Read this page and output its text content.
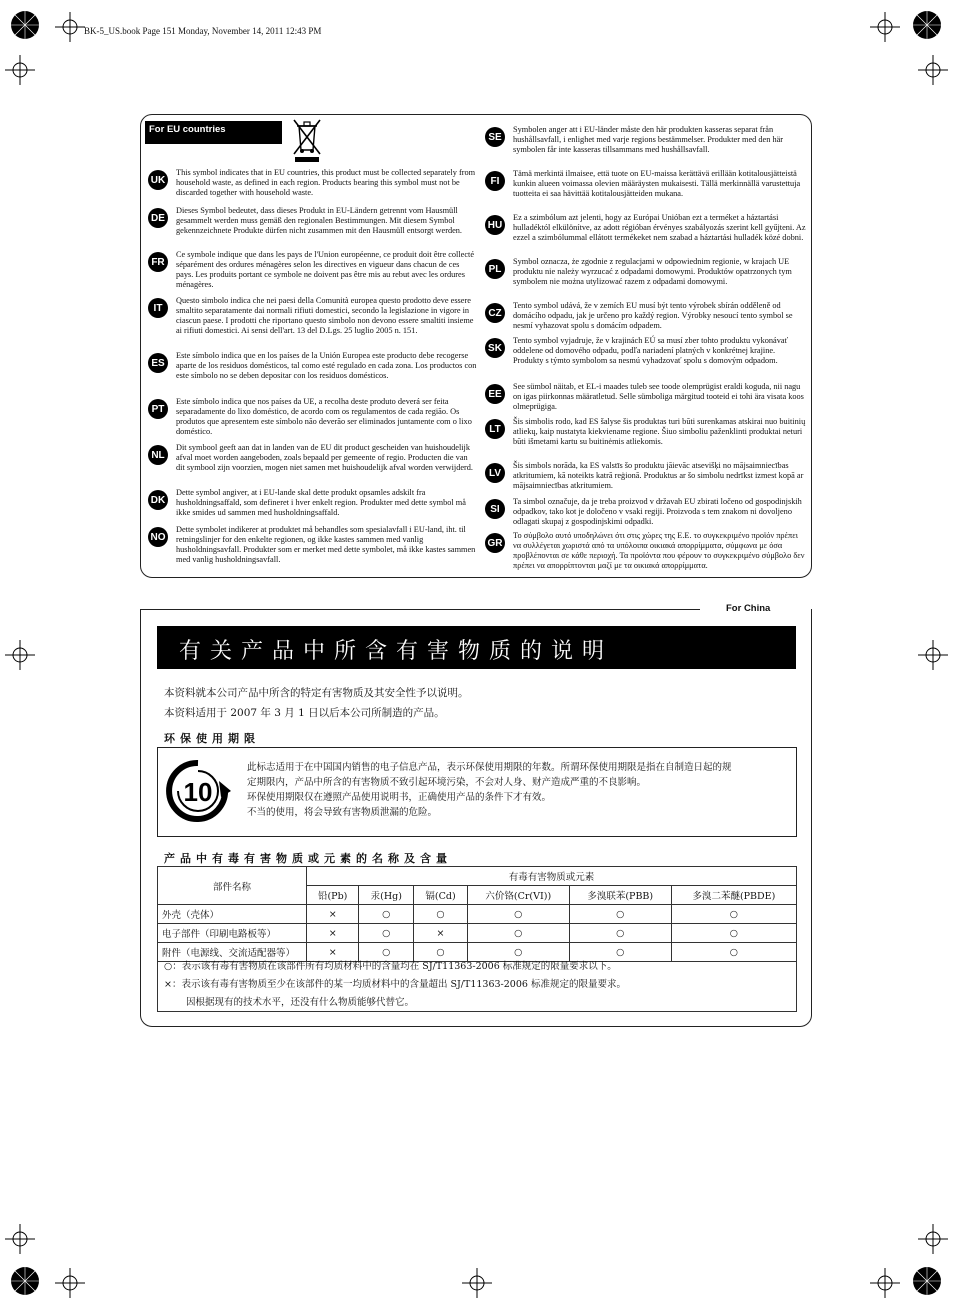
BK-5_US.book Page 151 Monday, November 14, 2011 12:43 PM
For EU countries
UK
This symbol indicates that in EU countries, this product must be collected separately from household waste, as defined in each region. Products bearing this symbol must not be discarded together with household waste.
DE
Dieses Symbol bedeutet, dass dieses Produkt in EU-Ländern getrennt vom Hausmüll gesammelt werden muss gemäß den regionalen Bestimmungen. Mit diesem Symbol gekennzeichnete Produkte dürfen nicht zusammen mit den Hausmüll entsorgt werden.
FR
Ce symbole indique que dans les pays de l'Union européenne, ce produit doit être collecté séparément des ordures ménagères selon les directives en vigueur dans chacun de ces pays. Les produits portant ce symbole ne doivent pas être mis au rebut avec les ordures ménagères.
IT
Questo simbolo indica che nei paesi della Comunità europea questo prodotto deve essere smaltito separatamente dai normali rifiuti domestici, secondo la legislazione in vigore in ciascun paese. I prodotti che riportano questo simbolo non devono essere smaltiti insieme ai rifiuti domestici. Ai sensi dell'art. 13 del D.Lgs. 25 luglio 2005 n. 151.
ES
Este símbolo indica que en los países de la Unión Europea este producto debe recogerse aparte de los residuos domésticos, tal como esté regulado en cada zona. Los productos con este símbolo no se deben depositar con los residuos domésticos.
PT
Este símbolo indica que nos países da UE, a recolha deste produto deverá ser feita separadamente do lixo doméstico, de acordo com os regulamentos de cada região. Os produtos que apresentem este símbolo não deverão ser eliminados juntamente com o lixo doméstico.
NL
Dit symbool geeft aan dat in landen van de EU dit product gescheiden van huishoudelijk afval moet worden aangeboden, zoals bepaald per gemeente of regio. Producten die van dit symbool zijn voorzien, mogen niet samen met huishoudelijk afval worden verwijderd.
DK
Dette symbol angiver, at i EU-lande skal dette produkt opsamles adskilt fra husholdningsaffald, som defineret i hver enkelt region. Produkter med dette symbol må ikke smides ud sammen med husholdningsaffald.
NO
Dette symbolet indikerer at produktet må behandles som spesialavfall i EU-land, iht. til retningslinjer for den enkelte regionen, og ikke kastes sammen med vanlig husholdningsavfall. Produkter som er merket med dette symbolet, må ikke kastes sammen med vanlig husholdningsavfall.
SE
Symbolen anger att i EU-länder måste den här produkten kasseras separat från hushållsavfall, i enlighet med varje regions bestämmelser. Produkter med den här symbolen får inte kasseras tillsammans med hushållsavfall.
FI
Tämä merkintä ilmaisee, että tuote on EU-maissa kerättävä erillään kotitalousjätteistä kunkin alueen voimassa olevien määräysten mukaisesti. Tällä merkinnällä varustettuja tuotteita ei saa hävittää kotitalousjätteiden mukana.
HU
Ez a szimbólum azt jelenti, hogy az Európai Unióban ezt a terméket a háztartási hulladéktól elkülönítve, az adott régióban érvényes szabályozás szerint kell gyűjteni. Az ezzel a szimbólummal ellátott termékeket nem szabad a háztartási hulladék közé dobni.
PL
Symbol oznacza, że zgodnie z regulacjami w odpowiednim regionie, w krajach UE produktu nie należy wyrzucać z odpadami domowymi. Produktów opatrzonych tym symbolem nie można utylizować razem z odpadami domowymi.
CZ
Tento symbol udává, že v zemích EU musí být tento výrobek sbírán odděleně od domácího odpadu, jak je určeno pro každý region. Výrobky nesoucí tento symbol se nesmí vyhazovat spolu s domácím odpadem.
SK
Tento symbol vyjadruje, že v krajinách EÚ sa musí zber tohto produktu vykonávať oddelene od domového odpadu, podľa nariadení platných v konkrétnej krajine. Produkty s týmto symbolom sa nesmú vyhadzovať spolu s domovým odpadom.
EE
See sümbol näitab, et EL-i maades tuleb see toode olemprügist eraldi koguda, nii nagu on igas piirkonnas määratletud. Selle sümboliga märgitud tooteid ei tohi ära visata koos olmeprügiga.
LT
Šis simbolis rodo, kad ES šalyse šis produktas turi būti surenkamas atskirai nuo buitinių atliekų, kaip nustatyta kiekviename regione. Šiuo simboliu paženklinti produktai neturi būti išmetami kartu su buitinėmis atliekomis.
LV
Šis simbols norāda, ka ES valstīs šo produktu jāievāc atsevišķi no mājsaimniecības atkritumiem, kā noteikts katrā reģionā. Produktus ar šo simbolu nedrīkst izmest kopā ar mājsaimniecības atkritumiem.
SI
Ta simbol označuje, da je treba proizvod v državah EU zbirati ločeno od gospodinjskih odpadkov, tako kot je določeno v vsaki regiji. Proizvoda s tem znakom ni dovoljeno odlagati skupaj z gospodinjskimi odpadki.
GR
Το σύμβολο αυτό υποδηλώνει ότι στις χώρες της Ε.Ε. το συγκεκριμένο προϊόν πρέπει να συλλέγεται χωριστά από τα υπόλοιπα οικιακά απορρίμματα, σύμφωνα με όσα προβλέπονται σε κάθε περιοχή. Τα προϊόντα που φέρουν το συγκεκριμένο σύμβολο δεν πρέπει να απορρίπτονται μαζί με τα οικιακά απορρίμματα.
For China
有关产品中所含有害物质的说明
本资料就本公司产品中所含的特定有害物质及其安全性予以说明。
本资料适用于 2007 年 3 月 1 日以后本公司所制造的产品。
环保使用期限
10
此标志适用于在中国国内销售的电子信息产品，表示环保使用期限的年数。所谓环保使用期限是指在自制造日起的规
定期限内，产品中所含的有害物质不致引起环境污染，不会对人身、财产造成严重的不良影响。
环保使用期限仅在遵照产品使用说明书，正确使用产品的条件下才有效。
不当的使用，将会导致有害物质泄漏的危险。
产品中有毒有害物质或元素的名称及含量
部件名称	有毒有害物质或元素					
	铅(Pb)	汞(Hg)	镉(Cd)	六价铬(Cr(VI))	多溴联苯(PBB)	多溴二苯醚(PBDE)
外壳（壳体）	×	○	○	○	○	○
电子部件（印刷电路板等）	×	○	×	○	○	○
附件（电源线、交流适配器等）	×	○	○	○	○	○
○：表示该有毒有害物质在该部件所有均质材料中的含量均在 SJ/T11363-2006 标准规定的限量要求以下。
×：表示该有毒有害物质至少在该部件的某一均质材料中的含量超出 SJ/T11363-2006 标准规定的限量要求。
因根据现有的技术水平，还没有什么物质能够代替它。
